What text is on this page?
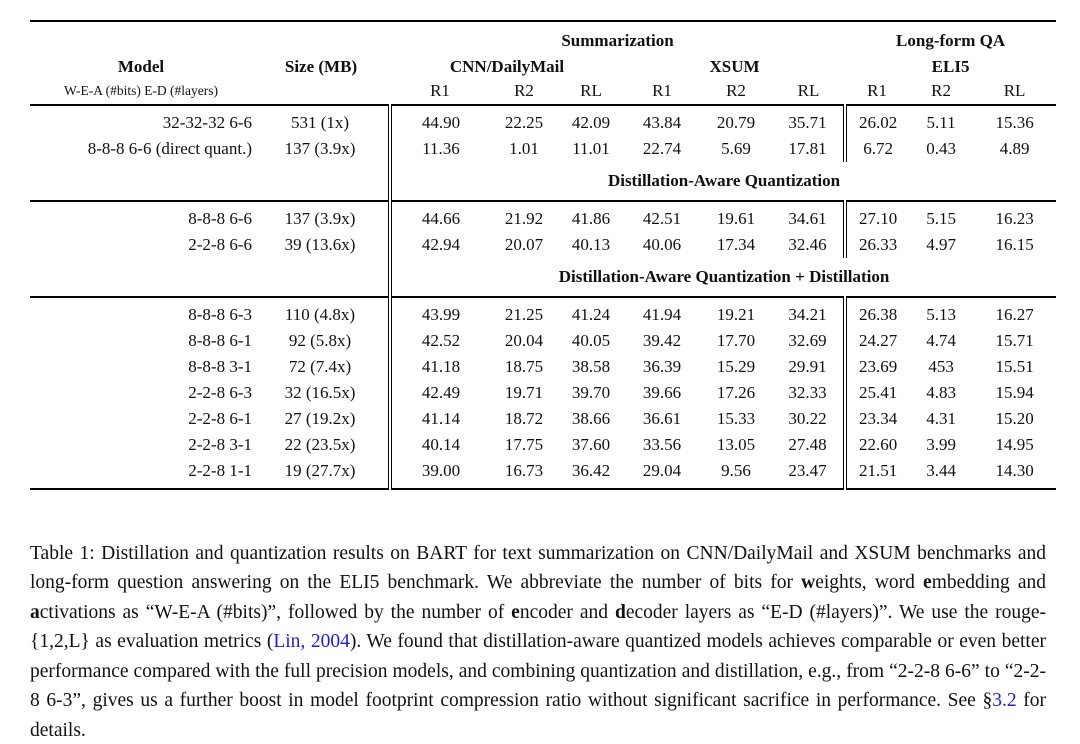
		Summarization						Long-form QA		
Model	Size (MB)	CNN/DailyMail			XSUM			ELI5		
W-E-A (#bits) E-D (#layers)		R1	R2	RL	R1	R2	RL	R1	R2	RL
32-32-32 6-6	531 (1x)	44.90	22.25	42.09	43.84	20.79	35.71	26.02	5.11	15.36
8-8-8 6-6 (direct quant.)	137 (3.9x)	11.36	1.01	11.01	22.74	5.69	17.81	6.72	0.43	4.89
		Distillation-Aware Quantization								
8-8-8 6-6	137 (3.9x)	44.66	21.92	41.86	42.51	19.61	34.61	27.10	5.15	16.23
2-2-8 6-6	39 (13.6x)	42.94	20.07	40.13	40.06	17.34	32.46	26.33	4.97	16.15
		Distillation-Aware Quantization + Distillation								
8-8-8 6-3	110 (4.8x)	43.99	21.25	41.24	41.94	19.21	34.21	26.38	5.13	16.27
8-8-8 6-1	92 (5.8x)	42.52	20.04	40.05	39.42	17.70	32.69	24.27	4.74	15.71
8-8-8 3-1	72 (7.4x)	41.18	18.75	38.58	36.39	15.29	29.91	23.69	453	15.51
2-2-8 6-3	32 (16.5x)	42.49	19.71	39.70	39.66	17.26	32.33	25.41	4.83	15.94
2-2-8 6-1	27 (19.2x)	41.14	18.72	38.66	36.61	15.33	30.22	23.34	4.31	15.20
2-2-8 3-1	22 (23.5x)	40.14	17.75	37.60	33.56	13.05	27.48	22.60	3.99	14.95
2-2-8 1-1	19 (27.7x)	39.00	16.73	36.42	29.04	9.56	23.47	21.51	3.44	14.30

Table 1: Distillation and quantization results on BART for text summarization on CNN/DailyMail and XSUM benchmarks and long-form question answering on the ELI5 benchmark. We abbreviate the number of bits for weights, word embedding and activations as “W-E-A (#bits)”, followed by the number of encoder and decoder layers as “E-D (#layers)”. We use the rouge-{1,2,L} as evaluation metrics (Lin, 2004). We found that distillation-aware quantized models achieves comparable or even better performance compared with the full precision models, and combining quantization and distillation, e.g., from “2-2-8 6-6” to “2-2-8 6-3”, gives us a further boost in model footprint compression ratio without significant sacrifice in performance. See §3.2 for details.
